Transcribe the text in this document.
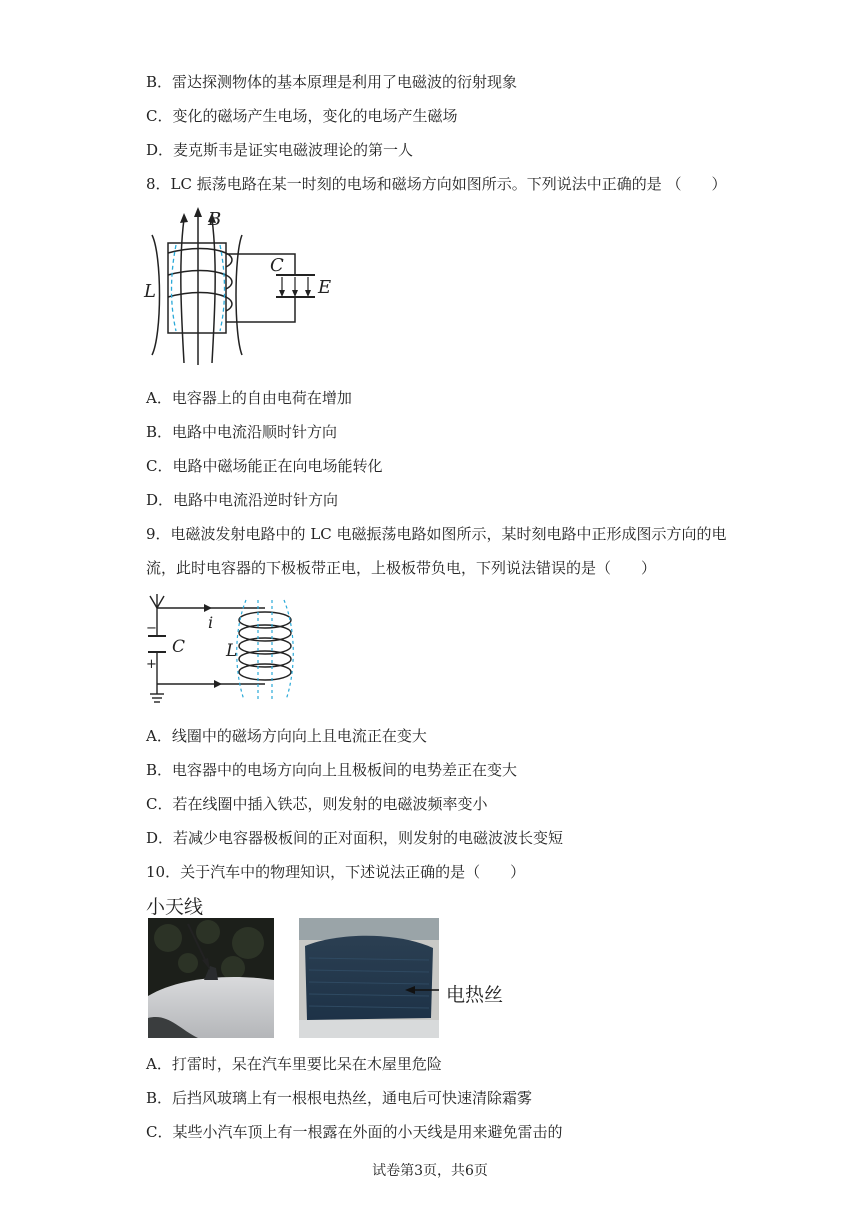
B．雷达探测物体的基本原理是利用了电磁波的衍射现象
C．变化的磁场产生电场，变化的电场产生磁场
D．麦克斯韦是证实电磁波理论的第一人
8．LC 振荡电路在某一时刻的电场和磁场方向如图所示。下列说法中正确的是 （　　）
B
L
C
E
A．电容器上的自由电荷在增加
B．电路中电流沿顺时针方向
C．电路中磁场能正在向电场能转化
D．电路中电流沿逆时针方向
9．电磁波发射电路中的 LC 电磁振荡电路如图所示，某时刻电路中正形成图示方向的电
流，此时电容器的下极板带正电，上极板带负电，下列说法错误的是（　　）
i
C L
−
+
A．线圈中的磁场方向向上且电流正在变大
B．电容器中的电场方向向上且极板间的电势差正在变大
C．若在线圈中插入铁芯，则发射的电磁波频率变小
D．若减少电容器极板间的正对面积，则发射的电磁波波长变短
10．关于汽车中的物理知识，下述说法正确的是（　　）
小天线
电热丝
A．打雷时，呆在汽车里要比呆在木屋里危险
B．后挡风玻璃上有一根根电热丝，通电后可快速清除霜雾
C．某些小汽车顶上有一根露在外面的小天线是用来避免雷击的
试卷第3页，共6页
